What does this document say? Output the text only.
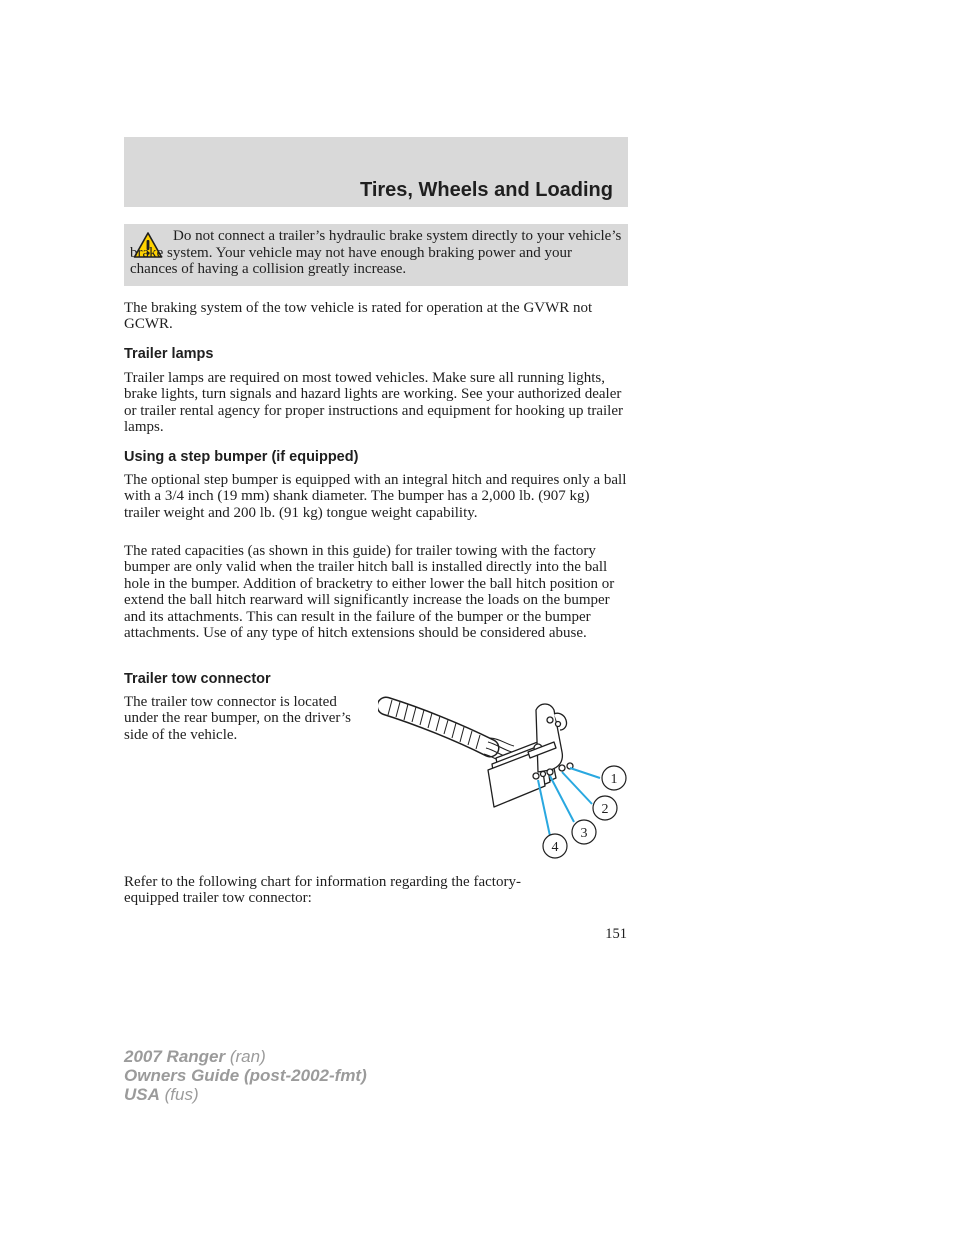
Tires, Wheels and Loading

Do not connect a trailer’s hydraulic brake system directly to your vehicle’s brake system. Your vehicle may not have enough braking power and your chances of having a collision greatly increase.

The braking system of the tow vehicle is rated for operation at the GVWR not GCWR.

Trailer lamps

Trailer lamps are required on most towed vehicles. Make sure all running lights, brake lights, turn signals and hazard lights are working. See your authorized dealer or trailer rental agency for proper instructions and equipment for hooking up trailer lamps.

Using a step bumper (if equipped)

The optional step bumper is equipped with an integral hitch and requires only a ball with a 3/4 inch (19 mm) shank diameter. The bumper has a 2,000 lb. (907 kg) trailer weight and 200 lb. (91 kg) tongue weight capability.

The rated capacities (as shown in this guide) for trailer towing with the factory bumper are only valid when the trailer hitch ball is installed directly into the ball hole in the bumper. Addition of bracketry to either lower the ball hitch position or extend the ball hitch rearward will significantly increase the loads on the bumper and its attachments. This can result in the failure of the bumper or the bumper attachments. Use of any type of hitch extensions should be considered abuse.

Trailer tow connector

The trailer tow connector is located under the rear bumper, on the driver’s side of the vehicle.

1
2
3
4

Refer to the following chart for information regarding the factory-equipped trailer tow connector:

151

2007 Ranger (ran)
Owners Guide (post-2002-fmt)
USA (fus)
